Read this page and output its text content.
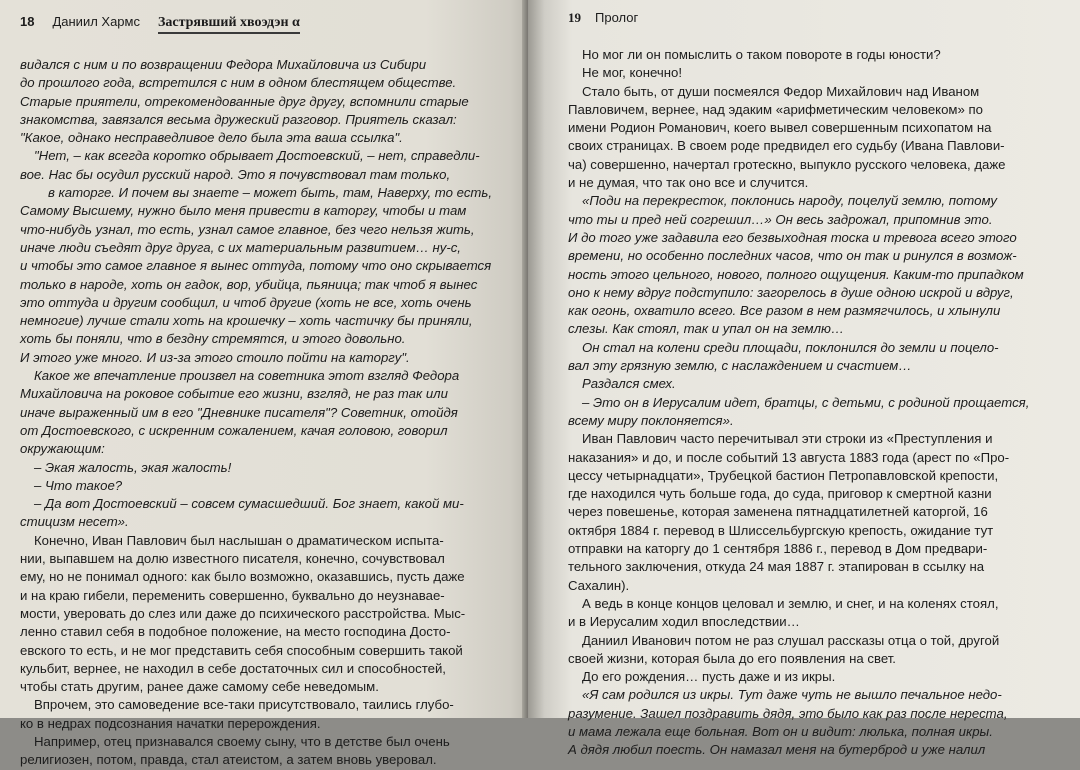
18 Даниил Хармс Застрявший хвоэдэн α
видался с ним и по возвращении Федора Михайловича из Сибири
до прошлого года, встретился с ним в одном блестящем обществе.
Старые приятели, отрекомендованные друг другу, вспомнили старые
знакомства, завязался весьма дружеский разговор. Приятель сказал:
"Какое, однако несправедливое дело была эта ваша ссылка".
"Нет, – как всегда коротко обрывает Достоевский, – нет, справедли-
вое. Нас бы осудил русский народ. Это я почувствовал там только,
в каторге. И почем вы знаете – может быть, там, Наверху, то есть,
Самому Высшему, нужно было меня привести в каторгу, чтобы и там
что-нибудь узнал, то есть, узнал самое главное, без чего нельзя жить,
иначе люди съедят друг друга, с их материальным развитием… ну-с,
и чтобы это самое главное я вынес оттуда, потому что оно скрывается
только в народе, хоть он гадок, вор, убийца, пьяница; так чтоб я вынес
это оттуда и другим сообщил, и чтоб другие (хоть не все, хоть очень
немногие) лучше стали хоть на крошечку – хоть частичку бы приняли,
хоть бы поняли, что в бездну стремятся, и этого довольно.
И этого уже много. И из-за этого стоило пойти на каторгу".
Какое же впечатление произвел на советника этот взгляд Федора
Михайловича на роковое событие его жизни, взгляд, не раз так или
иначе выраженный им в его "Дневнике писателя"? Советник, отойдя
от Достоевского, с искренним сожалением, качая головою, говорил
окружающим:
– Экая жалость, экая жалость!
– Что такое?
– Да вот Достоевский – совсем сумасшедший. Бог знает, какой ми-
стицизм несет».
Конечно, Иван Павлович был наслышан о драматическом испыта-
нии, выпавшем на долю известного писателя, конечно, сочувствовал
ему, но не понимал одного: как было возможно, оказавшись, пусть даже
и на краю гибели, переменить совершенно, буквально до неузнавае-
мости, уверовать до слез или даже до психического расстройства. Мыс-
ленно ставил себя в подобное положение, на место господина Досто-
евского то есть, и не мог представить себя способным совершить такой
кульбит, вернее, не находил в себе достаточных сил и способностей,
чтобы стать другим, ранее даже самому себе неведомым.
Впрочем, это самоведение все-таки присутствовало, таились глубо-
ко в недрах подсознания начатки перерождения.
Например, отец признавался своему сыну, что в детстве был очень
религиозен, потом, правда, стал атеистом, а затем вновь уверовал.
19 Пролог
Но мог ли он помыслить о таком повороте в годы юности?
Не мог, конечно!
Стало быть, от души посмеялся Федор Михайлович над Иваном
Павловичем, вернее, над эдаким «арифметическим человеком» по
имени Родион Романович, коего вывел совершенным психопатом на
своих страницах. В своем роде предвидел его судьбу (Ивана Павлови-
ча) совершенно, начертал гротескно, выпукло русского человека, даже
и не думая, что так оно все и случится.
«Поди на перекресток, поклонись народу, поцелуй землю, потому
что ты и пред ней согрешил…» Он весь задрожал, припомнив это.
И до того уже задавила его безвыходная тоска и тревога всего этого
времени, но особенно последних часов, что он так и ринулся в возмож-
ность этого цельного, нового, полного ощущения. Каким-то припадком
оно к нему вдруг подступило: загорелось в душе одною искрой и вдруг,
как огонь, охватило всего. Все разом в нем размягчилось, и хлынули
слезы. Как стоял, так и упал он на землю…
Он стал на колени среди площади, поклонился до земли и поцело-
вал эту грязную землю, с наслаждением и счастием…
Раздался смех.
– Это он в Иерусалим идет, братцы, с детьми, с родиной прощается,
всему миру поклоняется».
Иван Павлович часто перечитывал эти строки из «Преступления и
наказания» и до, и после событий 13 августа 1883 года (арест по «Про-
цессу четырнадцати», Трубецкой бастион Петропавловской крепости,
где находился чуть больше года, до суда, приговор к смертной казни
через повешенье, которая заменена пятнадцатилетней каторгой, 16
октября 1884 г. перевод в Шлиссельбургскую крепость, ожидание тут
отправки на каторгу до 1 сентября 1886 г., перевод в Дом предвари-
тельного заключения, откуда 24 мая 1887 г. этапирован в ссылку на
Сахалин).
А ведь в конце концов целовал и землю, и снег, и на коленях стоял,
и в Иерусалим ходил впоследствии…
Даниил Иванович потом не раз слушал рассказы отца о той, другой
своей жизни, которая была до его появления на свет.
До его рождения… пусть даже и из икры.
«Я сам родился из икры. Тут даже чуть не вышло печальное недо-
разумение. Зашел поздравить дядя, это было как раз после нереста,
и мама лежала еще больная. Вот он и видит: люлька, полная икры.
А дядя любил поесть. Он намазал меня на бутерброд и уже налил
